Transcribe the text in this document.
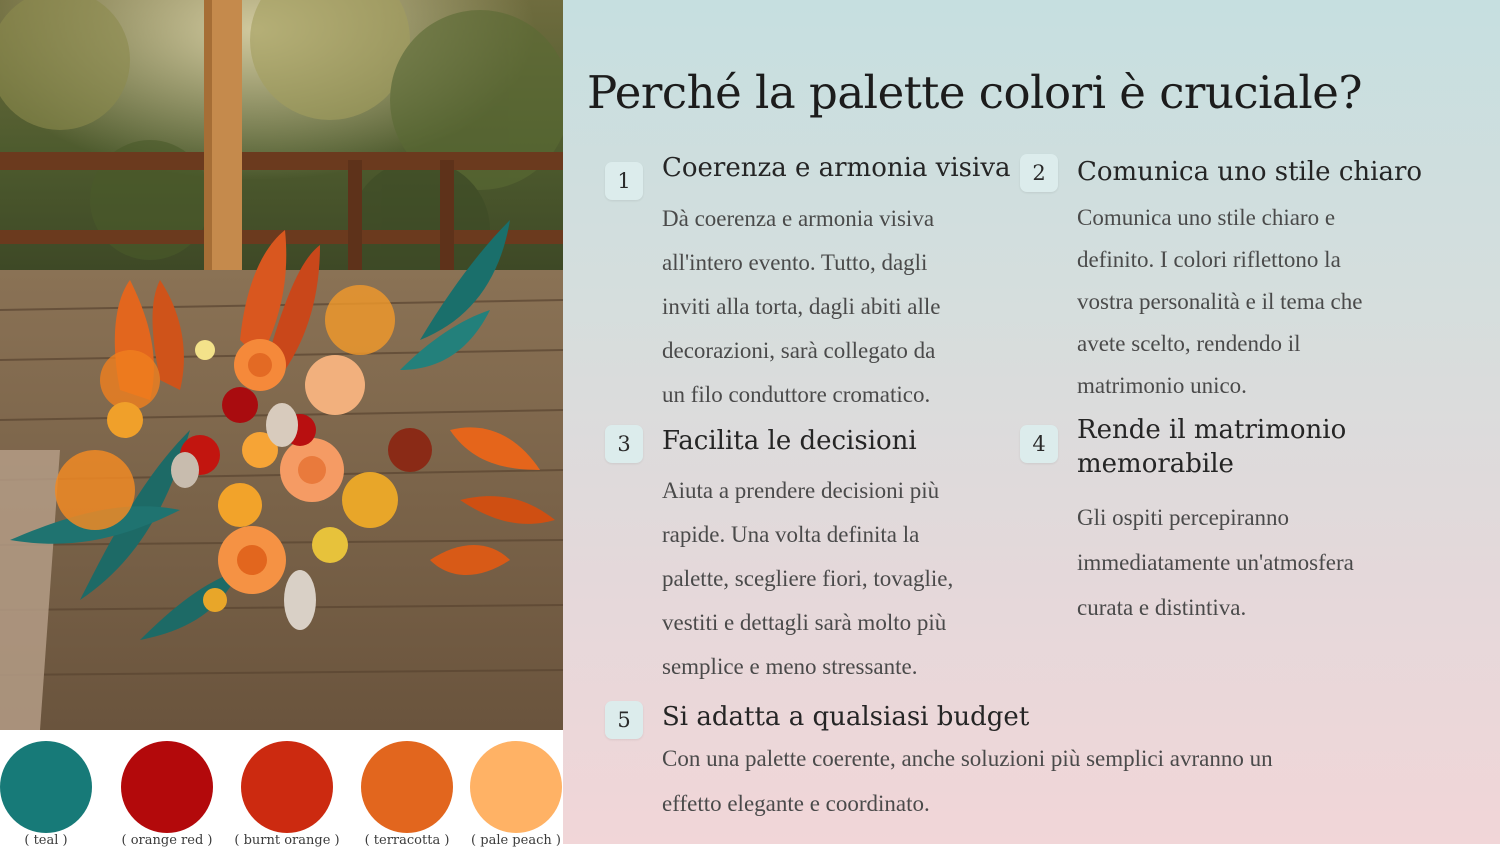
( teal )	( orange red )	( burnt orange )	( terracotta )	( pale peach )
Perché la palette colori è cruciale?
1	Coerenza e armonia visiva
Dà coerenza e armonia visiva
all'intero evento. Tutto, dagli
inviti alla torta, dagli abiti alle
decorazioni, sarà collegato da
un filo conduttore cromatico.
2	Comunica uno stile chiaro
Comunica uno stile chiaro e
definito. I colori riflettono la
vostra personalità e il tema che
avete scelto, rendendo il
matrimonio unico.
3	Facilita le decisioni
Aiuta a prendere decisioni più
rapide. Una volta definita la
palette, scegliere fiori, tovaglie,
vestiti e dettagli sarà molto più
semplice e meno stressante.
4	Rende il matrimonio
memorabile
Gli ospiti percepiranno
immediatamente un'atmosfera
curata e distintiva.
5	Si adatta a qualsiasi budget
Con una palette coerente, anche soluzioni più semplici avranno un
effetto elegante e coordinato.
